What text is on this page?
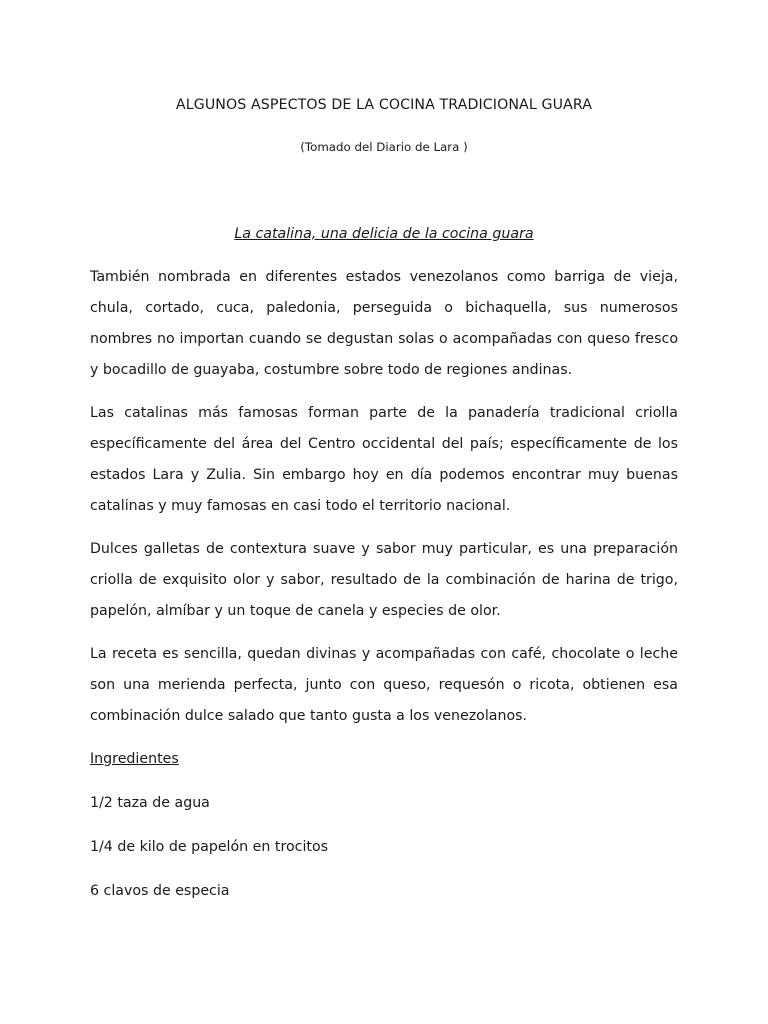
ALGUNOS ASPECTOS DE LA COCINA TRADICIONAL GUARA
(Tomado del Diario de Lara )
La catalina, una delicia de la cocina guara

También nombrada en diferentes estados venezolanos como barriga de vieja, chula, cortado, cuca, paledonia, perseguida o bichaquella, sus numerosos nombres no importan cuando se degustan solas o acompañadas con queso fresco y bocadillo de guayaba, costumbre sobre todo de regiones andinas.

Las catalinas más famosas forman parte de la panadería tradicional criolla específicamente del área del Centro occidental del país; específicamente de los estados Lara y Zulia. Sin embargo hoy en día podemos encontrar muy buenas catalinas y muy famosas en casi todo el territorio nacional.

Dulces galletas de contextura suave y sabor muy particular, es una preparación criolla de exquisito olor y sabor, resultado de la combinación de harina de trigo, papelón, almíbar y un toque de canela y especies de olor.

La receta es sencilla, quedan divinas y acompañadas con café, chocolate o leche son una merienda perfecta, junto con queso, requesón o ricota, obtienen esa combinación dulce salado que tanto gusta a los venezolanos.

Ingredientes
1/2 taza de agua
1/4 de kilo de papelón en trocitos
6 clavos de especia
